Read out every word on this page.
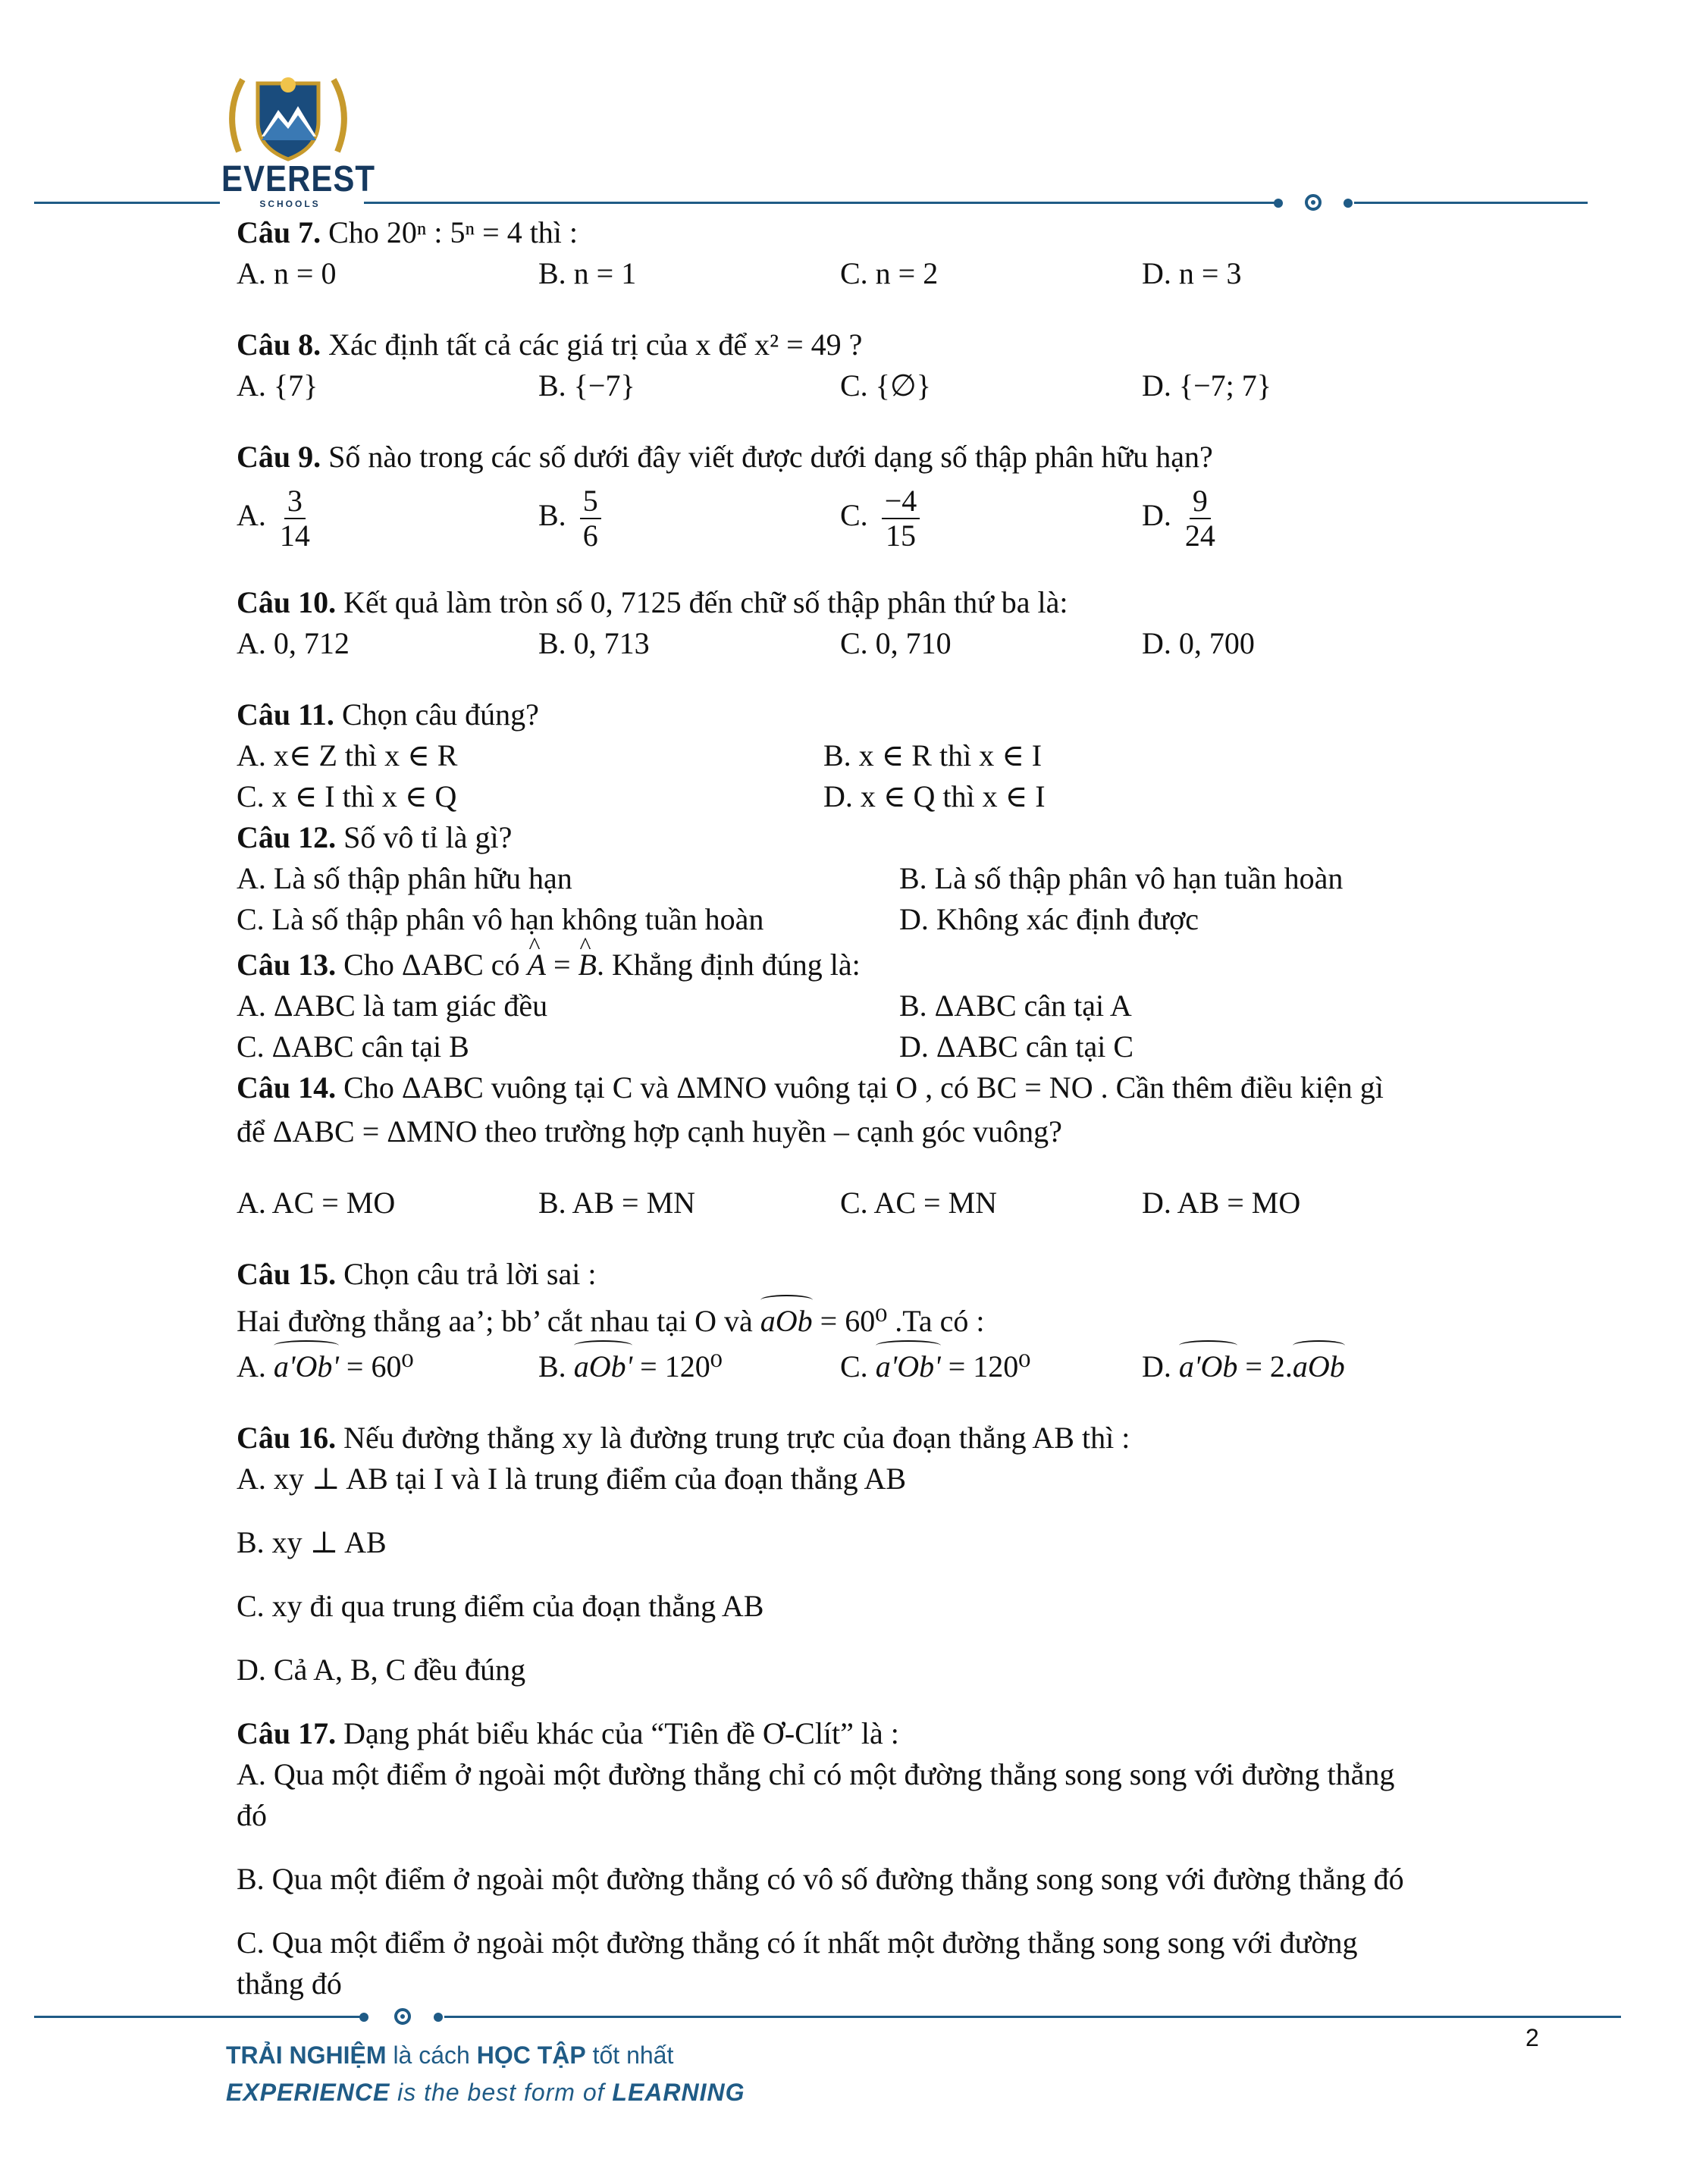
EVEREST
SCHOOLS

Câu 7. Cho 20ⁿ : 5ⁿ = 4 thì :

A. n = 0	B. n = 1	C. n = 2	D. n = 3

Câu 8. Xác định tất cả các giá trị của x để x² = 49 ?

A. {7}	B. {−7}	C. {∅}	D. {−7; 7}

Câu 9. Số nào trong các số dưới đây viết được dưới dạng số thập phân hữu hạn?

A. $\frac{3}{14}$	B. $\frac{5}{6}$	C. $\frac{-4}{15}$	D. $\frac{9}{24}$

Câu 10. Kết quả làm tròn số 0, 7125 đến chữ số thập phân thứ ba là:

A. 0, 712	B. 0, 713	C. 0, 710	D. 0, 700

Câu 11. Chọn câu đúng?

A. x∈ Z thì x ∈ R	B. x ∈ R thì x ∈ I
C. x ∈ I thì x ∈ Q	D. x ∈ Q thì x ∈ I

Câu 12. Số vô tỉ là gì?

A. Là số thập phân hữu hạn	B. Là số thập phân vô hạn tuần hoàn
C. Là số thập phân vô hạn không tuần hoàn	D. Không xác định được

Câu 13. Cho ΔABC có ^ A = ^ B. Khẳng định đúng là:

A. ΔABC là tam giác đều	B. ΔABC cân tại A
C. ΔABC cân tại B	D. ΔABC cân tại C

Câu 14. Cho ΔABC vuông tại C và ΔMNO vuông tại O , có BC = NO . Cần thêm điều kiện gì

để ΔABC = ΔMNO theo trường hợp cạnh huyền – cạnh góc vuông?

A. AC = MO	B. AB = MN	C. AC = MN	D. AB = MO

Câu 15. Chọn câu trả lời sai :

Hai đường thẳng aa’; bb’ cắt nhau tại O và aOb = 60⁰ .Ta có :

A. a'Ob' = 60⁰	B. aOb' = 120⁰	C. a'Ob' = 120⁰	D. a'Ob = 2.aOb

Câu 16. Nếu đường thẳng xy là đường trung trực của đoạn thẳng AB thì :

A. xy ⊥ AB tại I và I là trung điểm của đoạn thẳng AB

B. xy ⊥ AB

C. xy đi qua trung điểm của đoạn thẳng AB

D. Cả A, B, C đều đúng

Câu 17. Dạng phát biểu khác của “Tiên đề Ơ-Clít” là :

A. Qua một điểm ở ngoài một đường thẳng chỉ có một đường thẳng song song với đường thẳng

đó

B. Qua một điểm ở ngoài một đường thẳng có vô số đường thẳng song song với đường thẳng đó

C. Qua một điểm ở ngoài một đường thẳng có ít nhất một đường thẳng song song với đường

thẳng đó

2
TRẢI NGHIỆM là cách HỌC TẬP tốt nhất
EXPERIENCE is the best form of LEARNING
